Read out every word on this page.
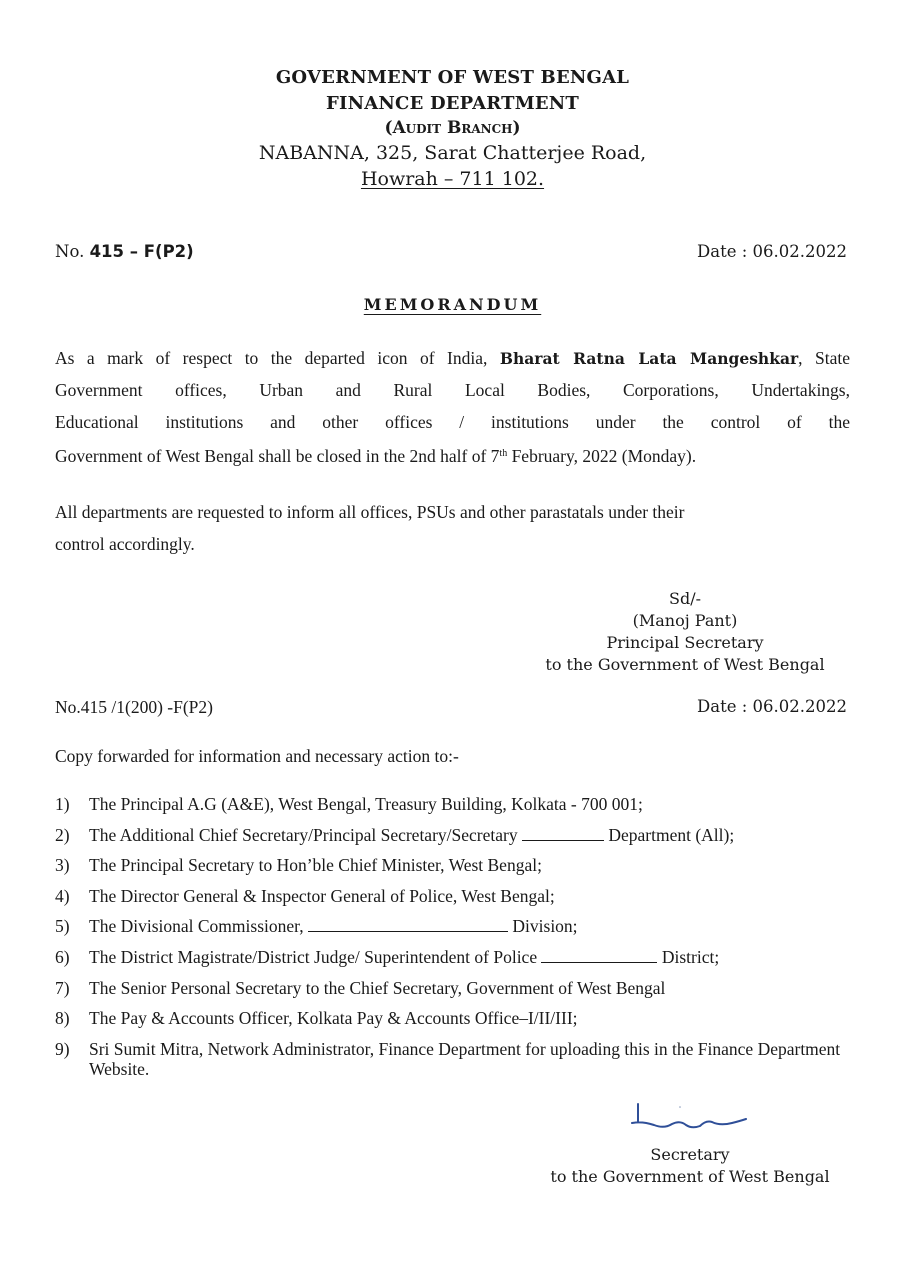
GOVERNMENT OF WEST BENGAL
FINANCE DEPARTMENT
(Audit Branch)
NABANNA, 325, Sarat Chatterjee Road,
Howrah – 711 102.
No. 415 – F(P2)	Date : 06.02.2022
MEMORANDUM
As a mark of respect to the departed icon of India, Bharat Ratna Lata Mangeshkar, State
Government offices, Urban and Rural Local Bodies, Corporations, Undertakings,
Educational institutions and other offices / institutions under the control of the
Government of West Bengal shall be closed in the 2nd half of 7th February, 2022 (Monday).
All departments are requested to inform all offices, PSUs and other parastatals under their
control accordingly.
Sd/-
(Manoj Pant)
Principal Secretary
to the Government of West Bengal
No.415 /1(200) -F(P2)	Date : 06.02.2022
Copy forwarded for information and necessary action to:-
1)	The Principal A.G (A&E), West Bengal, Treasury Building, Kolkata - 700 001;
2)	The Additional Chief Secretary/Principal Secretary/Secretary	Department (All);
3)	The Principal Secretary to Hon’ble Chief Minister, West Bengal;
4)	The Director General & Inspector General of Police, West Bengal;
5)	The Divisional Commissioner,	Division;
6)	The District Magistrate/District Judge/ Superintendent of Police	District;
7)	The Senior Personal Secretary to the Chief Secretary, Government of West Bengal
8)	The Pay & Accounts Officer, Kolkata Pay & Accounts Office–I/II/III;
9)	Sri Sumit Mitra, Network Administrator, Finance Department for uploading this in the Finance Department Website.
Secretary
to the Government of West Bengal
